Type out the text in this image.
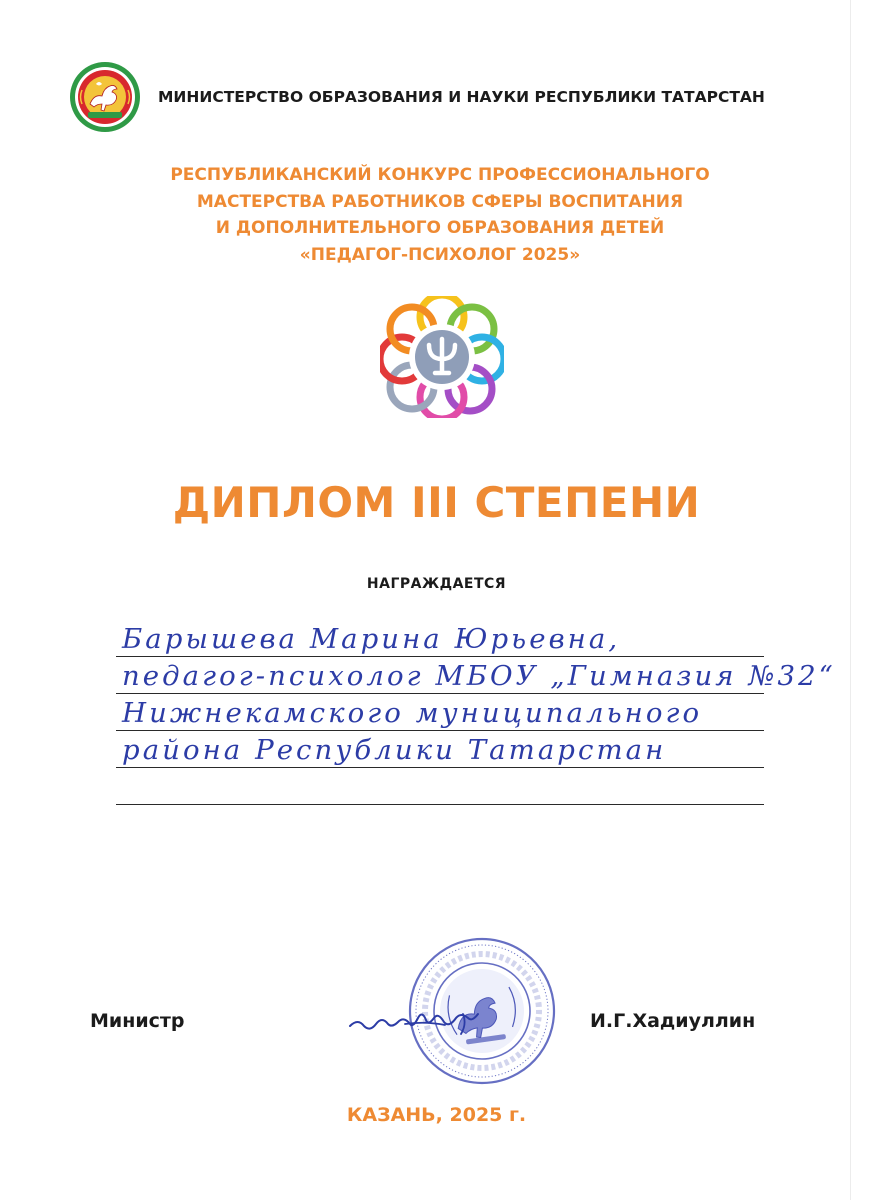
МИНИСТЕРСТВО ОБРАЗОВАНИЯ И НАУКИ РЕСПУБЛИКИ ТАТАРСТАН
РЕСПУБЛИКАНСКИЙ КОНКУРС ПРОФЕССИОНАЛЬНОГО
МАСТЕРСТВА РАБОТНИКОВ СФЕРЫ ВОСПИТАНИЯ
И ДОПОЛНИТЕЛЬНОГО ОБРАЗОВАНИЯ ДЕТЕЙ
«ПЕДАГОГ-ПСИХОЛОГ 2025»
ДИПЛОМ III СТЕПЕНИ
НАГРАЖДАЕТСЯ
Барышева Марина Юрьевна,
педагог-психолог МБОУ „Гимназия №32“
Нижнекамского муниципального
района Республики Татарстан
Министр	И.Г.Хадиуллин
КАЗАНЬ, 2025 г.
